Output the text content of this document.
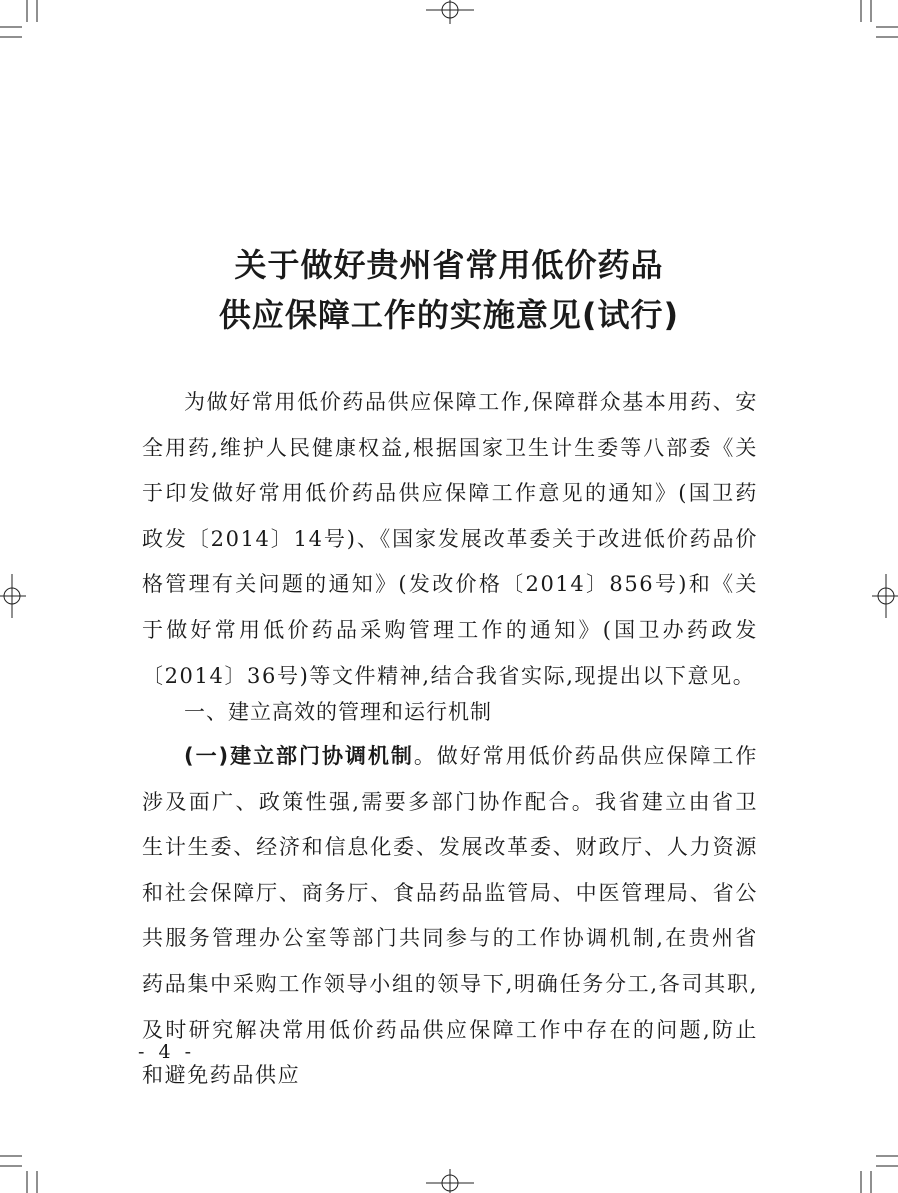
关于做好贵州省常用低价药品
供应保障工作的实施意见(试行)

为做好常用低价药品供应保障工作,保障群众基本用药、安全用药,维护人民健康权益,根据国家卫生计生委等八部委《关于印发做好常用低价药品供应保障工作意见的通知》(国卫药政发〔2014〕14号)、《国家发展改革委关于改进低价药品价格管理有关问题的通知》(发改价格〔2014〕856号)和《关于做好常用低价药品采购管理工作的通知》(国卫办药政发〔2014〕36号)等文件精神,结合我省实际,现提出以下意见。

一、建立高效的管理和运行机制

(一)建立部门协调机制。做好常用低价药品供应保障工作涉及面广、政策性强,需要多部门协作配合。我省建立由省卫生计生委、经济和信息化委、发展改革委、财政厅、人力资源和社会保障厅、商务厅、食品药品监管局、中医管理局、省公共服务管理办公室等部门共同参与的工作协调机制,在贵州省药品集中采购工作领导小组的领导下,明确任务分工,各司其职,及时研究解决常用低价药品供应保障工作中存在的问题,防止和避免药品供应

- 4 -
